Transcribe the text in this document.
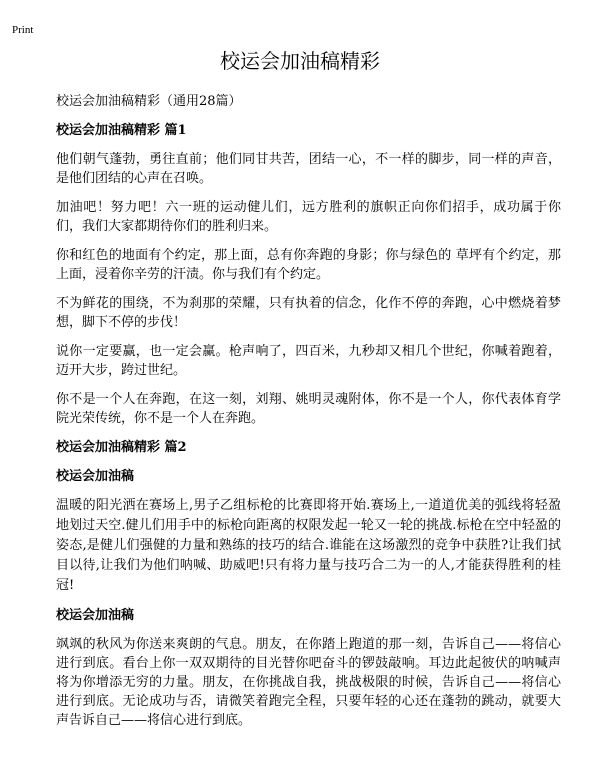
Print
校运会加油稿精彩

校运会加油稿精彩（通用28篇）

校运会加油稿精彩 篇1

他们朝气蓬勃，勇往直前；他们同甘共苦，团结一心，不一样的脚步，同一样的声音，是他们团结的心声在召唤。

加油吧！努力吧！六一班的运动健儿们，远方胜利的旗帜正向你们招手，成功属于你们，我们大家都期待你们的胜利归来。

你和红色的地面有个约定，那上面，总有你奔跑的身影；你与绿色的 草坪有个约定，那上面，浸着你辛劳的汗渍。你与我们有个约定。

不为鲜花的围绕，不为刹那的荣耀，只有执着的信念，化作不停的奔跑，心中燃烧着梦想，脚下不停的步伐！

说你一定要赢，也一定会赢。枪声响了，四百米，九秒却又相几个世纪，你喊着跑着，迈开大步，跨过世纪。

你不是一个人在奔跑，在这一刻，刘翔、姚明灵魂附体，你不是一个人，你代表体育学院光荣传统，你不是一个人在奔跑。

校运会加油稿精彩 篇2
校运会加油稿

温暖的阳光洒在赛场上,男子乙组标枪的比赛即将开始.赛场上,一道道优美的弧线将轻盈地划过天空.健儿们用手中的标枪向距离的权限发起一轮又一轮的挑战.标枪在空中轻盈的姿态,是健儿们强健的力量和熟练的技巧的结合.谁能在这场激烈的竞争中获胜?让我们拭目以待,让我们为他们呐喊、助威吧!只有将力量与技巧合二为一的人,才能获得胜利的桂冠!

校运会加油稿

飒飒的秋风为你送来爽朗的气息。朋友，在你踏上跑道的那一刻，告诉自己——将信心进行到底。看台上你一双双期待的目光替你吧奋斗的锣鼓敲响。耳边此起彼伏的呐喊声将为你增添无穷的力量。朋友，在你挑战自我，挑战极限的时候，告诉自己——将信心进行到底。无论成功与否，请微笑着跑完全程，只要年轻的心还在蓬勃的跳动，就要大声告诉自己——将信心进行到底。
